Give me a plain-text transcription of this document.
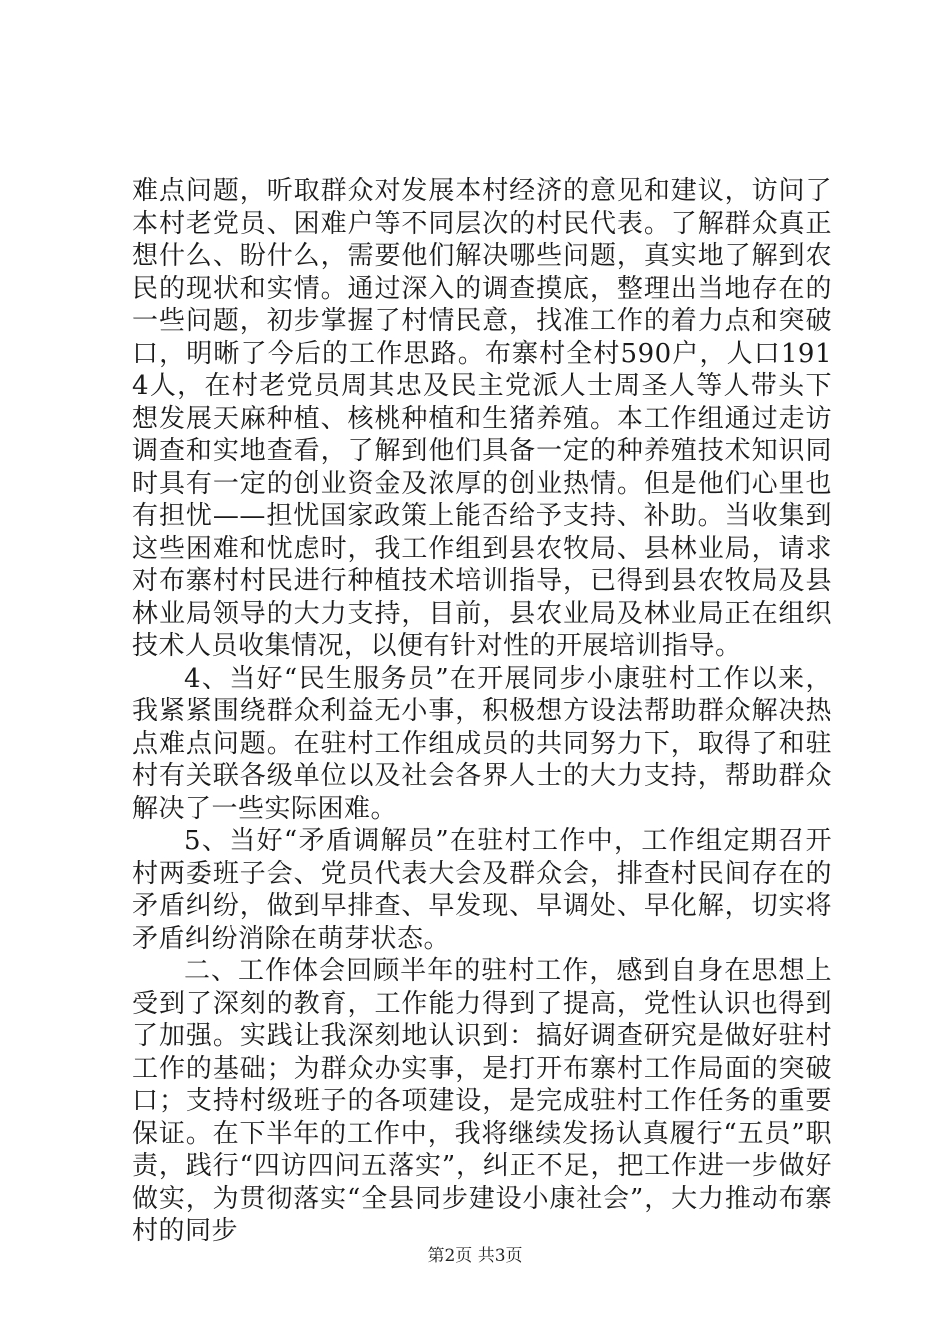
难点问题，听取群众对发展本村经济的意见和建议，访问了本村老党员、困难户等不同层次的村民代表。了解群众真正想什么、盼什么，需要他们解决哪些问题，真实地了解到农民的现状和实情。通过深入的调查摸底，整理出当地存在的一些问题，初步掌握了村情民意，找准工作的着力点和突破口，明晰了今后的工作思路。布寨村全村590户，人口1914人，在村老党员周其忠及民主党派人士周圣人等人带头下想发展天麻种植、核桃种植和生猪养殖。本工作组通过走访调查和实地查看，了解到他们具备一定的种养殖技术知识同时具有一定的创业资金及浓厚的创业热情。但是他们心里也有担忧——担忧国家政策上能否给予支持、补助。当收集到这些困难和忧虑时，我工作组到县农牧局、县林业局，请求对布寨村村民进行种植技术培训指导，已得到县农牧局及县林业局领导的大力支持，目前，县农业局及林业局正在组织技术人员收集情况，以便有针对性的开展培训指导。

4、当好“民生服务员”在开展同步小康驻村工作以来，我紧紧围绕群众利益无小事，积极想方设法帮助群众解决热点难点问题。在驻村工作组成员的共同努力下，取得了和驻村有关联各级单位以及社会各界人士的大力支持，帮助群众解决了一些实际困难。

5、当好“矛盾调解员”在驻村工作中，工作组定期召开村两委班子会、党员代表大会及群众会，排查村民间存在的矛盾纠纷，做到早排查、早发现、早调处、早化解，切实将矛盾纠纷消除在萌芽状态。

二、工作体会回顾半年的驻村工作，感到自身在思想上受到了深刻的教育，工作能力得到了提高，党性认识也得到了加强。实践让我深刻地认识到：搞好调查研究是做好驻村工作的基础；为群众办实事，是打开布寨村工作局面的突破口；支持村级班子的各项建设，是完成驻村工作任务的重要保证。在下半年的工作中，我将继续发扬认真履行“五员”职责，践行“四访四问五落实”，纠正不足，把工作进一步做好做实，为贯彻落实“全县同步建设小康社会”，大力推动布寨村的同步

第2页 共3页
